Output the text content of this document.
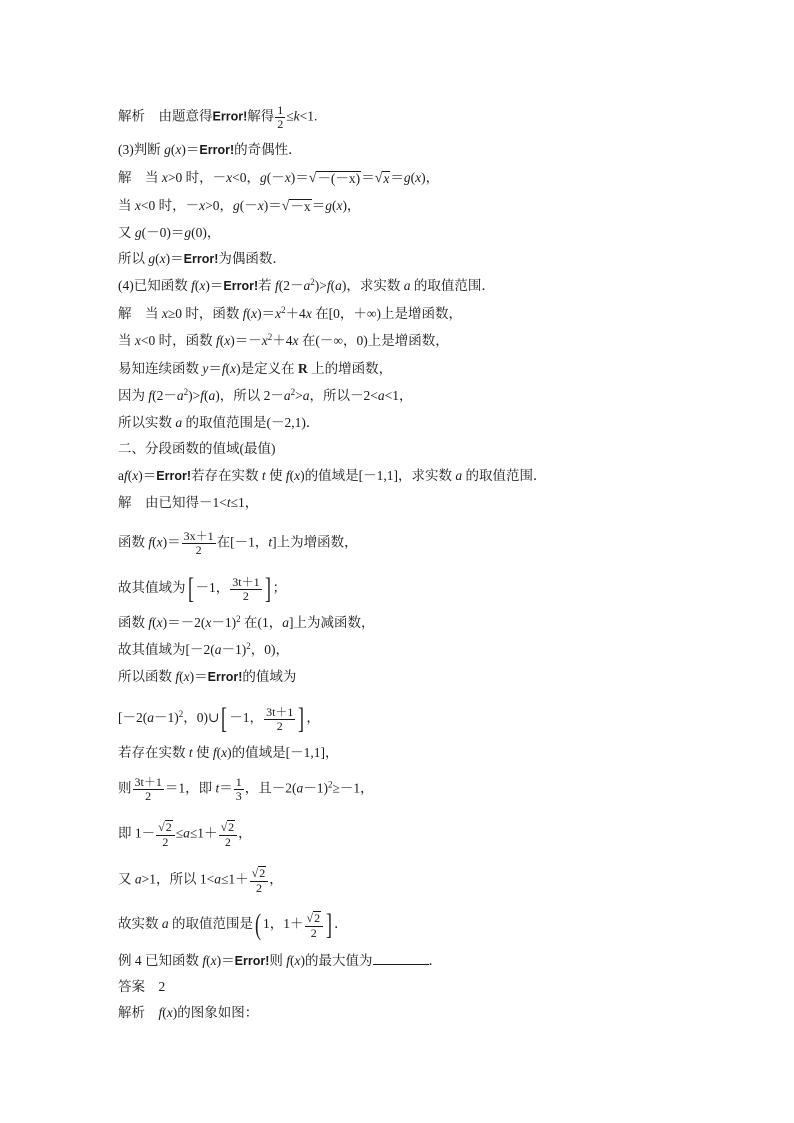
解析　由题意得Error!解得 $\frac{1}{2} \le k<1$.
(3)判断 g(x)＝Error!的奇偶性．
解　当 x>0 时，－x<0，g(－x)＝ √ －(－x) ＝ √ x ＝g(x)，
当 x<0 时，－x>0，g(－x)＝ √ －x ＝g(x)，
又 g(－0)＝g(0)，
所以 g(x)＝Error!为偶函数．
(4)已知函数 f(x)＝Error!若 $f(2-a^2)>f(a)$，求实数 a 的取值范围．
解　当 x≥0 时，函数 $f(x)=x^2+4x$ 在[0，＋∞)上是增函数，
当 x<0 时，函数 $f(x)=-x^2+4x$ 在(－∞，0)上是增函数，
易知连续函数 y＝f(x)是定义在 R 上的增函数，
因为 $f(2-a^2)>f(a)$，所以 $2-a^2>a$，所以－2<a<1，
所以实数 a 的取值范围是(－2,1)．
二、分段函数的值域(最值)
af(x)＝Error!若存在实数 t 使 f(x)的值域是[－1,1]，求实数 a 的取值范围．
解　由已知得－1<t≤1，
函数 $f(x)= \frac{3x+1}{2}$ 在[－1，t]上为增函数，
故其值域为[ －1， $\frac{3t+1}{2}$ ] ；
函数 $f(x)=-2(x-1)^2$ 在(1，a]上为减函数，
故其值域为[$-2(a-1)^2$，0)，
所以函数 f(x)＝Error!的值域为
[$-2(a-1)^2$，0)∪[ －1， $\frac{3t+1}{2}$ ] ，
若存在实数 t 使 f(x)的值域是[－1,1]，
则 $\frac{3t+1}{2} =1$，即 $t= \frac{1}{3}$ ，且$-2(a-1)^2\ge-1$，
即 $1- \frac{√ 2}{2} \le a\le 1+ \frac{√ 2}{2}$ ，
又 a>1，所以 $1<a\le 1+ \frac{√ 2}{2}$ ，
故实数 a 的取值范围是( 1，$1+ \frac{√ 2}{2}$ ] ．
例 4 已知函数 f(x)＝Error!则 f(x)的最大值为	．
答案　2
解析　f(x)的图象如图：
